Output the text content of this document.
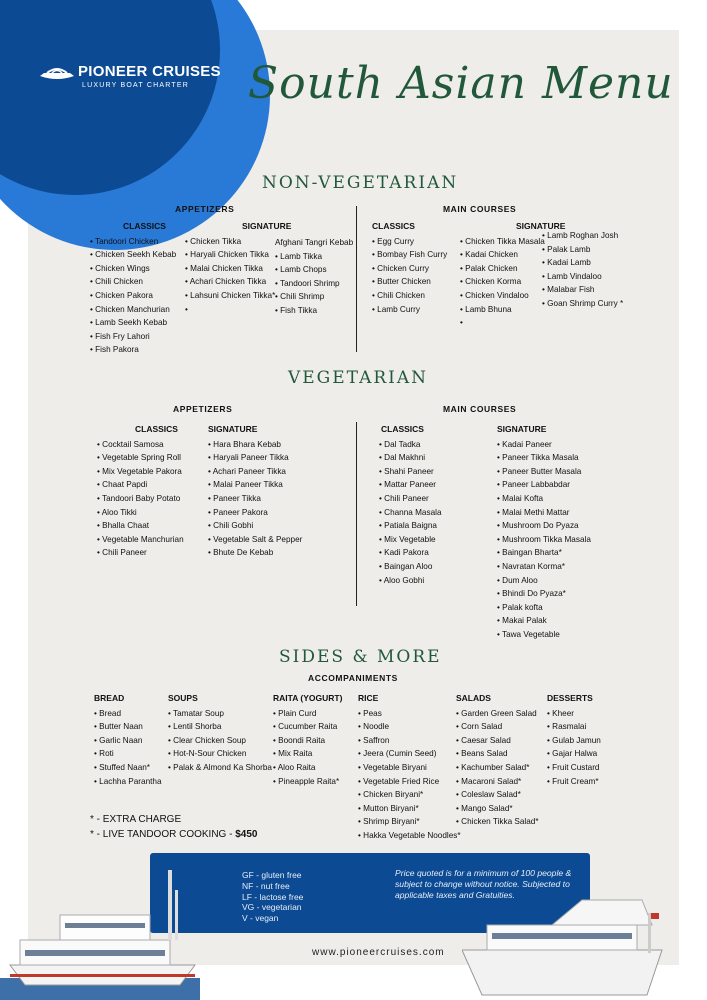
PIONEER CRUISES
LUXURY BOAT CHARTER South Asian Menu
NON-VEGETARIAN
APPETIZERS	MAIN COURSES
CLASSICS
• Tandoori Chicken
• Chicken Seekh Kebab
• Chicken Wings
• Chili Chicken
• Chicken Pakora
• Chicken Manchurian
• Lamb Seekh Kebab
• Fish Fry Lahori
• Fish Pakora
SIGNATURE
• Chicken Tikka
• Haryali Chicken Tikka
• Malai Chicken Tikka
• Achari Chicken Tikka
• Lahsuni Chicken Tikka*
•
Afghani Tangri Kebab
• Lamb Tikka
• Lamb Chops
• Tandoori Shrimp
• Chili Shrimp
• Fish Tikka
CLASSICS
• Egg Curry
• Bombay Fish Curry
• Chicken Curry
• Butter Chicken
• Chili Chicken
• Lamb Curry
SIGNATURE
• Chicken Tikka Masala
• Kadai Chicken
• Palak Chicken
• Chicken Korma
• Chicken Vindaloo
• Lamb Bhuna
•
• Lamb Roghan Josh
• Palak Lamb
• Kadai Lamb
• Lamb Vindaloo
• Malabar Fish
• Goan Shrimp Curry *
VEGETARIAN
APPETIZERS	MAIN COURSES
CLASSICS
• Cocktail Samosa
• Vegetable Spring Roll
• Mix Vegetable Pakora
• Chaat Papdi
• Tandoori Baby Potato
• Aloo Tikki
• Bhalla Chaat
• Vegetable Manchurian
• Chili Paneer
SIGNATURE
• Hara Bhara Kebab
• Haryali Paneer Tikka
• Achari Paneer Tikka
• Malai Paneer Tikka
• Paneer Tikka
• Paneer Pakora
• Chili Gobhi
• Vegetable Salt & Pepper
• Bhute De Kebab
CLASSICS
• Dal Tadka
• Dal Makhni
• Shahi Paneer
• Mattar Paneer
• Chili Paneer
• Channa Masala
• Patiala Baigna
• Mix Vegetable
• Kadi Pakora
• Baingan Aloo
• Aloo Gobhi
SIGNATURE
• Kadai Paneer
• Paneer Tikka Masala
• Paneer Butter Masala
• Paneer Labbabdar
• Malai Kofta
• Malai Methi Mattar
• Mushroom Do Pyaza
• Mushroom Tikka Masala
• Baingan Bharta*
• Navratan Korma*
• Dum Aloo
• Bhindi Do Pyaza*
• Palak kofta
• Makai Palak
• Tawa Vegetable
SIDES & MORE
ACCOMPANIMENTS
BREAD
• Bread
• Butter Naan
• Garlic Naan
• Roti
• Stuffed Naan*
• Lachha Parantha
SOUPS
• Tamatar Soup
• Lentil Shorba
• Clear Chicken Soup
• Hot-N-Sour Chicken
• Palak & Almond Ka Shorba
RAITA (YOGURT)
• Plain Curd
• Cucumber Raita
• Boondi Raita
• Mix Raita
• Aloo Raita
• Pineapple Raita*
RICE
• Peas
• Noodle
• Saffron
• Jeera (Cumin Seed)
• Vegetable Biryani
• Vegetable Fried Rice
• Chicken Biryani*
• Mutton Biryani*
• Shrimp Biryani*
• Hakka Vegetable Noodles*
SALADS
• Garden Green Salad
• Corn Salad
• Caesar Salad
• Beans Salad
• Kachumber Salad*
• Macaroni Salad*
• Coleslaw Salad*
• Mango Salad*
• Chicken Tikka Salad*
DESSERTS
• Kheer
• Rasmalai
• Gulab Jamun
• Gajar Halwa
• Fruit Custard
• Fruit Cream*
* - EXTRA CHARGE
* - LIVE TANDOOR COOKING - $450
GF - gluten free
NF - nut free
LF - lactose free
VG - vegetarian
V - vegan
Price quoted is for a minimum of 100 people & subject to change without notice. Subjected to applicable taxes and Gratuities.
www.pioneercruises.com
